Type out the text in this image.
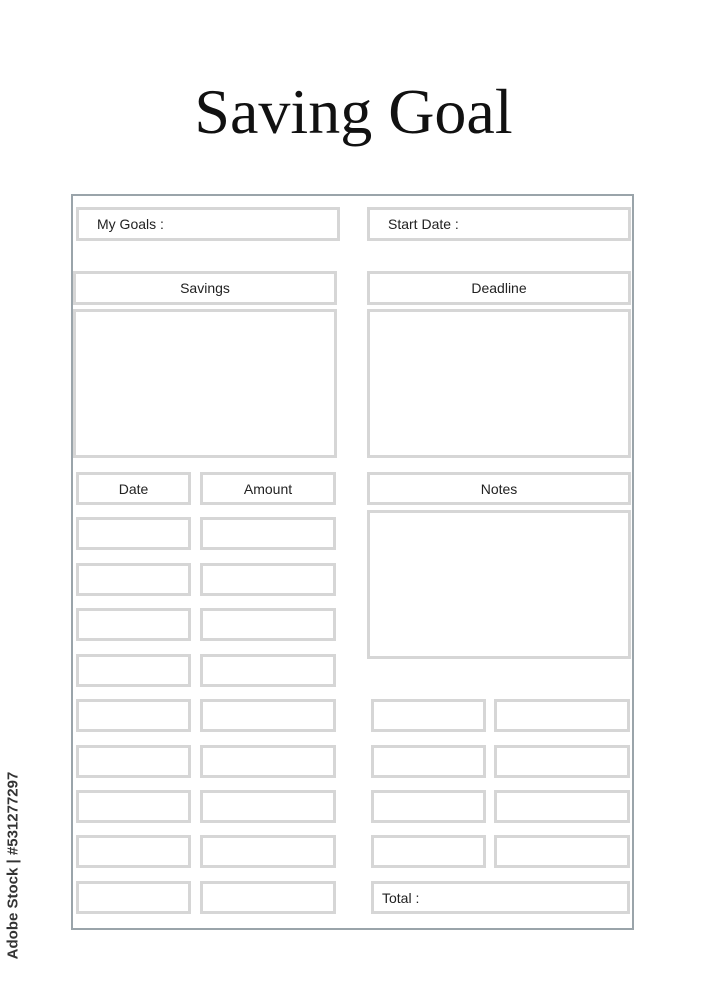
Saving Goal
My Goals :	Start Date :
Savings	Deadline
Date	Amount	Notes
Total :
Adobe Stock | #531277297
